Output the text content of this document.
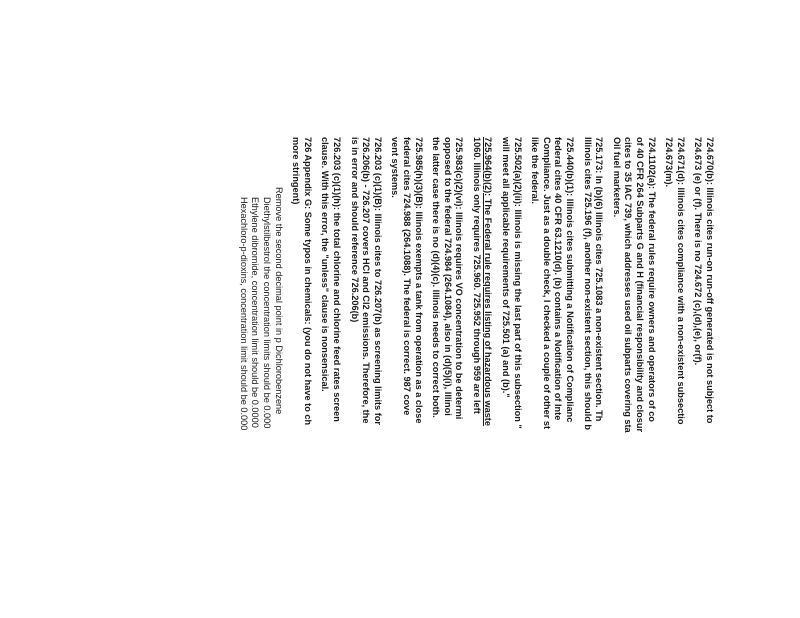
724.670(b): Illinois cites run-on run-off generated is not subject to
724.673 (e) or (f). There is no 724.672 (c),(d),(e), or(f).
724.671(d): Illinois cites compliance with a non-existent subsectio
724.673(m).
724.1102(a): The federal rules require owners and operators of co
of 40 CFR 264 Subparts G and H (financial responsibility and closur
cites to 35 IAC 739, which addresses used oil subparts covering sta
Oil fuel marketers.
725.173: In (b)(6) Illinois cites 725.1083 a non-existent section. Th
Illinois cites 725.196 (f), another non-existent section, this should b
725.440(b)(1): Illinois cites submitting a Notification of Complianc
federal cites 40 CFR 63.1210(d). (b) contains a Notification of Inte
Compliance. Just as a double check, I checked a couple of other st
like the federal.
725.502(a)(2)(ii): Illinois is missing the last part of this subsection "
will meet all applicable requirements of 725.501 (a) and (b)."
725.964(b)(2): The Federal rule requires listing of hazardous waste
1060. Illinois only requires 725.960. 725.952 through 959 are left
725.983(c)(2)(vi): Illinois requires VO concentration to be determi
opposed to the federal 724.984 (264.1084), also in (d)(5)(i), Illinoi
the latter case there is no (d)(4)(c). Illinois needs to correct both.
725.985(h)(3)(B): Illinois exempts a tank from operation as a close
federal cites 724.988 (264.1088). The federal is correct. 987 cove
vent systems.
726.203 (c)(1)(B): Illinois cites to 726.207(b) as screening limits for
726.206(b) - 726.207 covers HCl and Cl2 emissions. Therefore, the
is in error and should reference 726.206(b)
726.203 (c)(1)(h): the total chlorine and chlorine feed rates screen
clause. With this error, the "unless" clause is nonsensical.
726 Appendix G: Some typos in chemicals: (you do not have to ch
more stringent)
Remove the second decimal point in p Dichlorobenzene
Diethylstilbestrol the concentration limits should be 0.000
Ethylene dibromide, concentration limit should be 0.0000
Hexachloro-p-dioxins, concentration limit should be 0.000
